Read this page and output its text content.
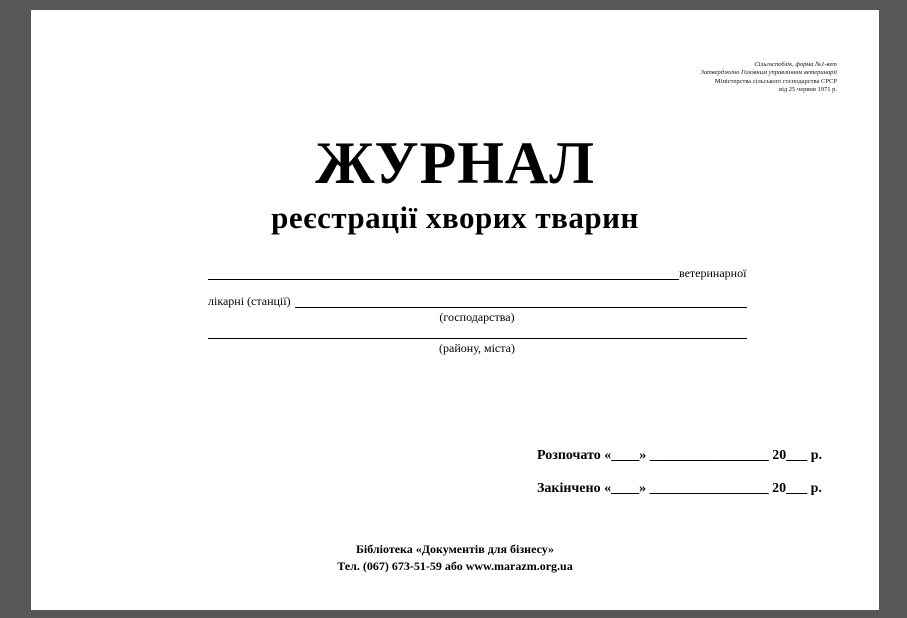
Сільгоспоблік, форма №1-вет
Затверджено Головним управлінням ветеринарії
Міністерства сільського господарства СРСР
від 25 червня 1971 р.
ЖУРНАЛ
реєстрації хворих тварин
ветеринарної
лікарні (станції)
(господарства)
(району, міста)
Розпочато «____» _________________ 20___ р.
Закінчено «____» _________________ 20___ р.
Бібліотека «Документів для бізнесу»
Тел. (067) 673-51-59 або www.marazm.org.ua
